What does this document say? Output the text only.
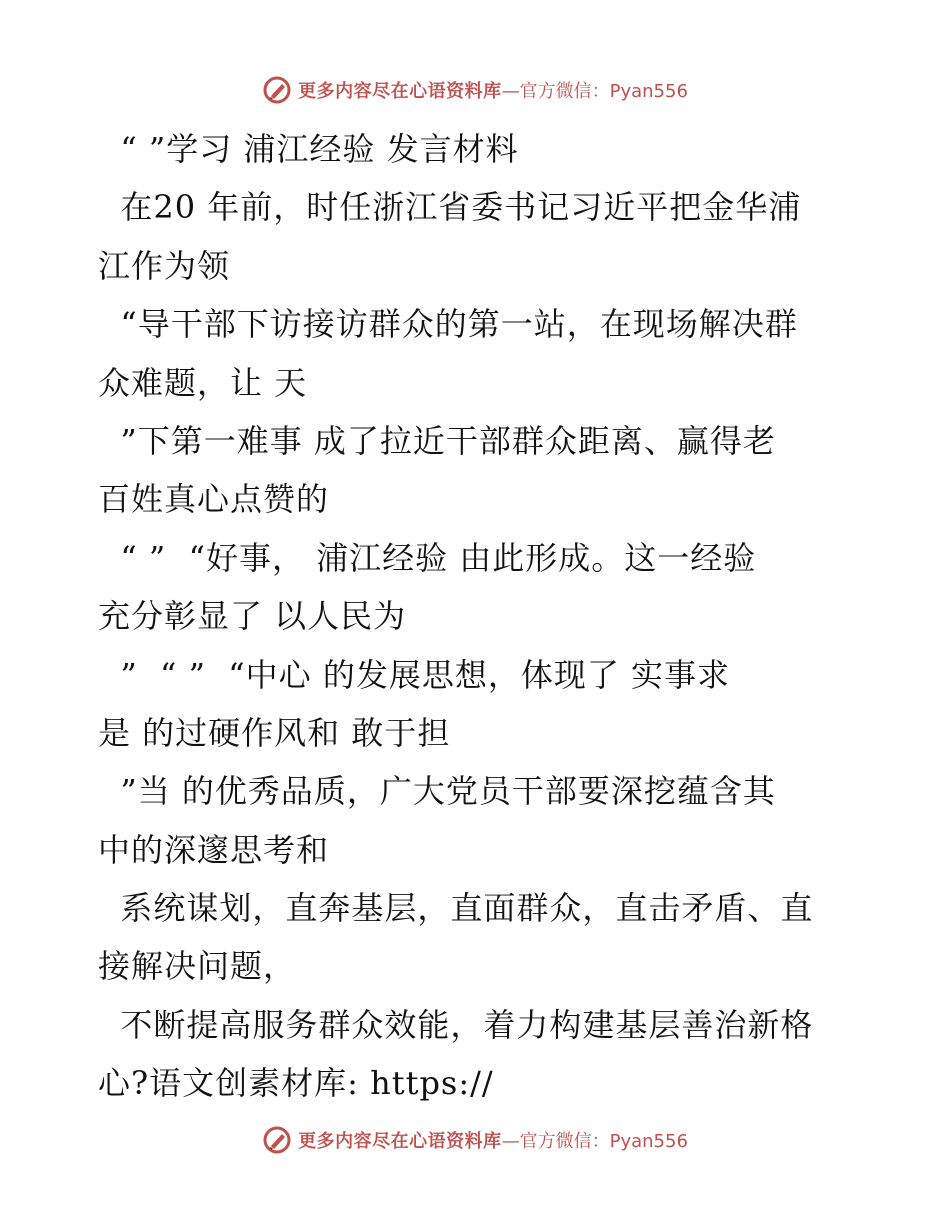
更多内容尽在心语资料库 —官方微信：Pyan556
“ ”学习 浦江经验 发言材料
在20 年前，时任浙江省委书记习近平把金华浦
江作为领
“导干部下访接访群众的第一站，在现场解决群
众难题，让 天
”下第一难事 成了拉近干部群众距离、赢得老
百姓真心点赞的
“ ”  “好事， 浦江经验 由此形成。这一经验
充分彰显了 以人民为
”  “ ”  “中心 的发展思想，体现了 实事求
是 的过硬作风和 敢于担
”当 的优秀品质，广大党员干部要深挖蕴含其
中的深邃思考和
系统谋划，直奔基层，直面群众，直击矛盾、直
接解决问题，
不断提高服务群众效能，着力构建基层善治新格
心?语文创素材库: https://
更多内容尽在心语资料库 —官方微信：Pyan556
